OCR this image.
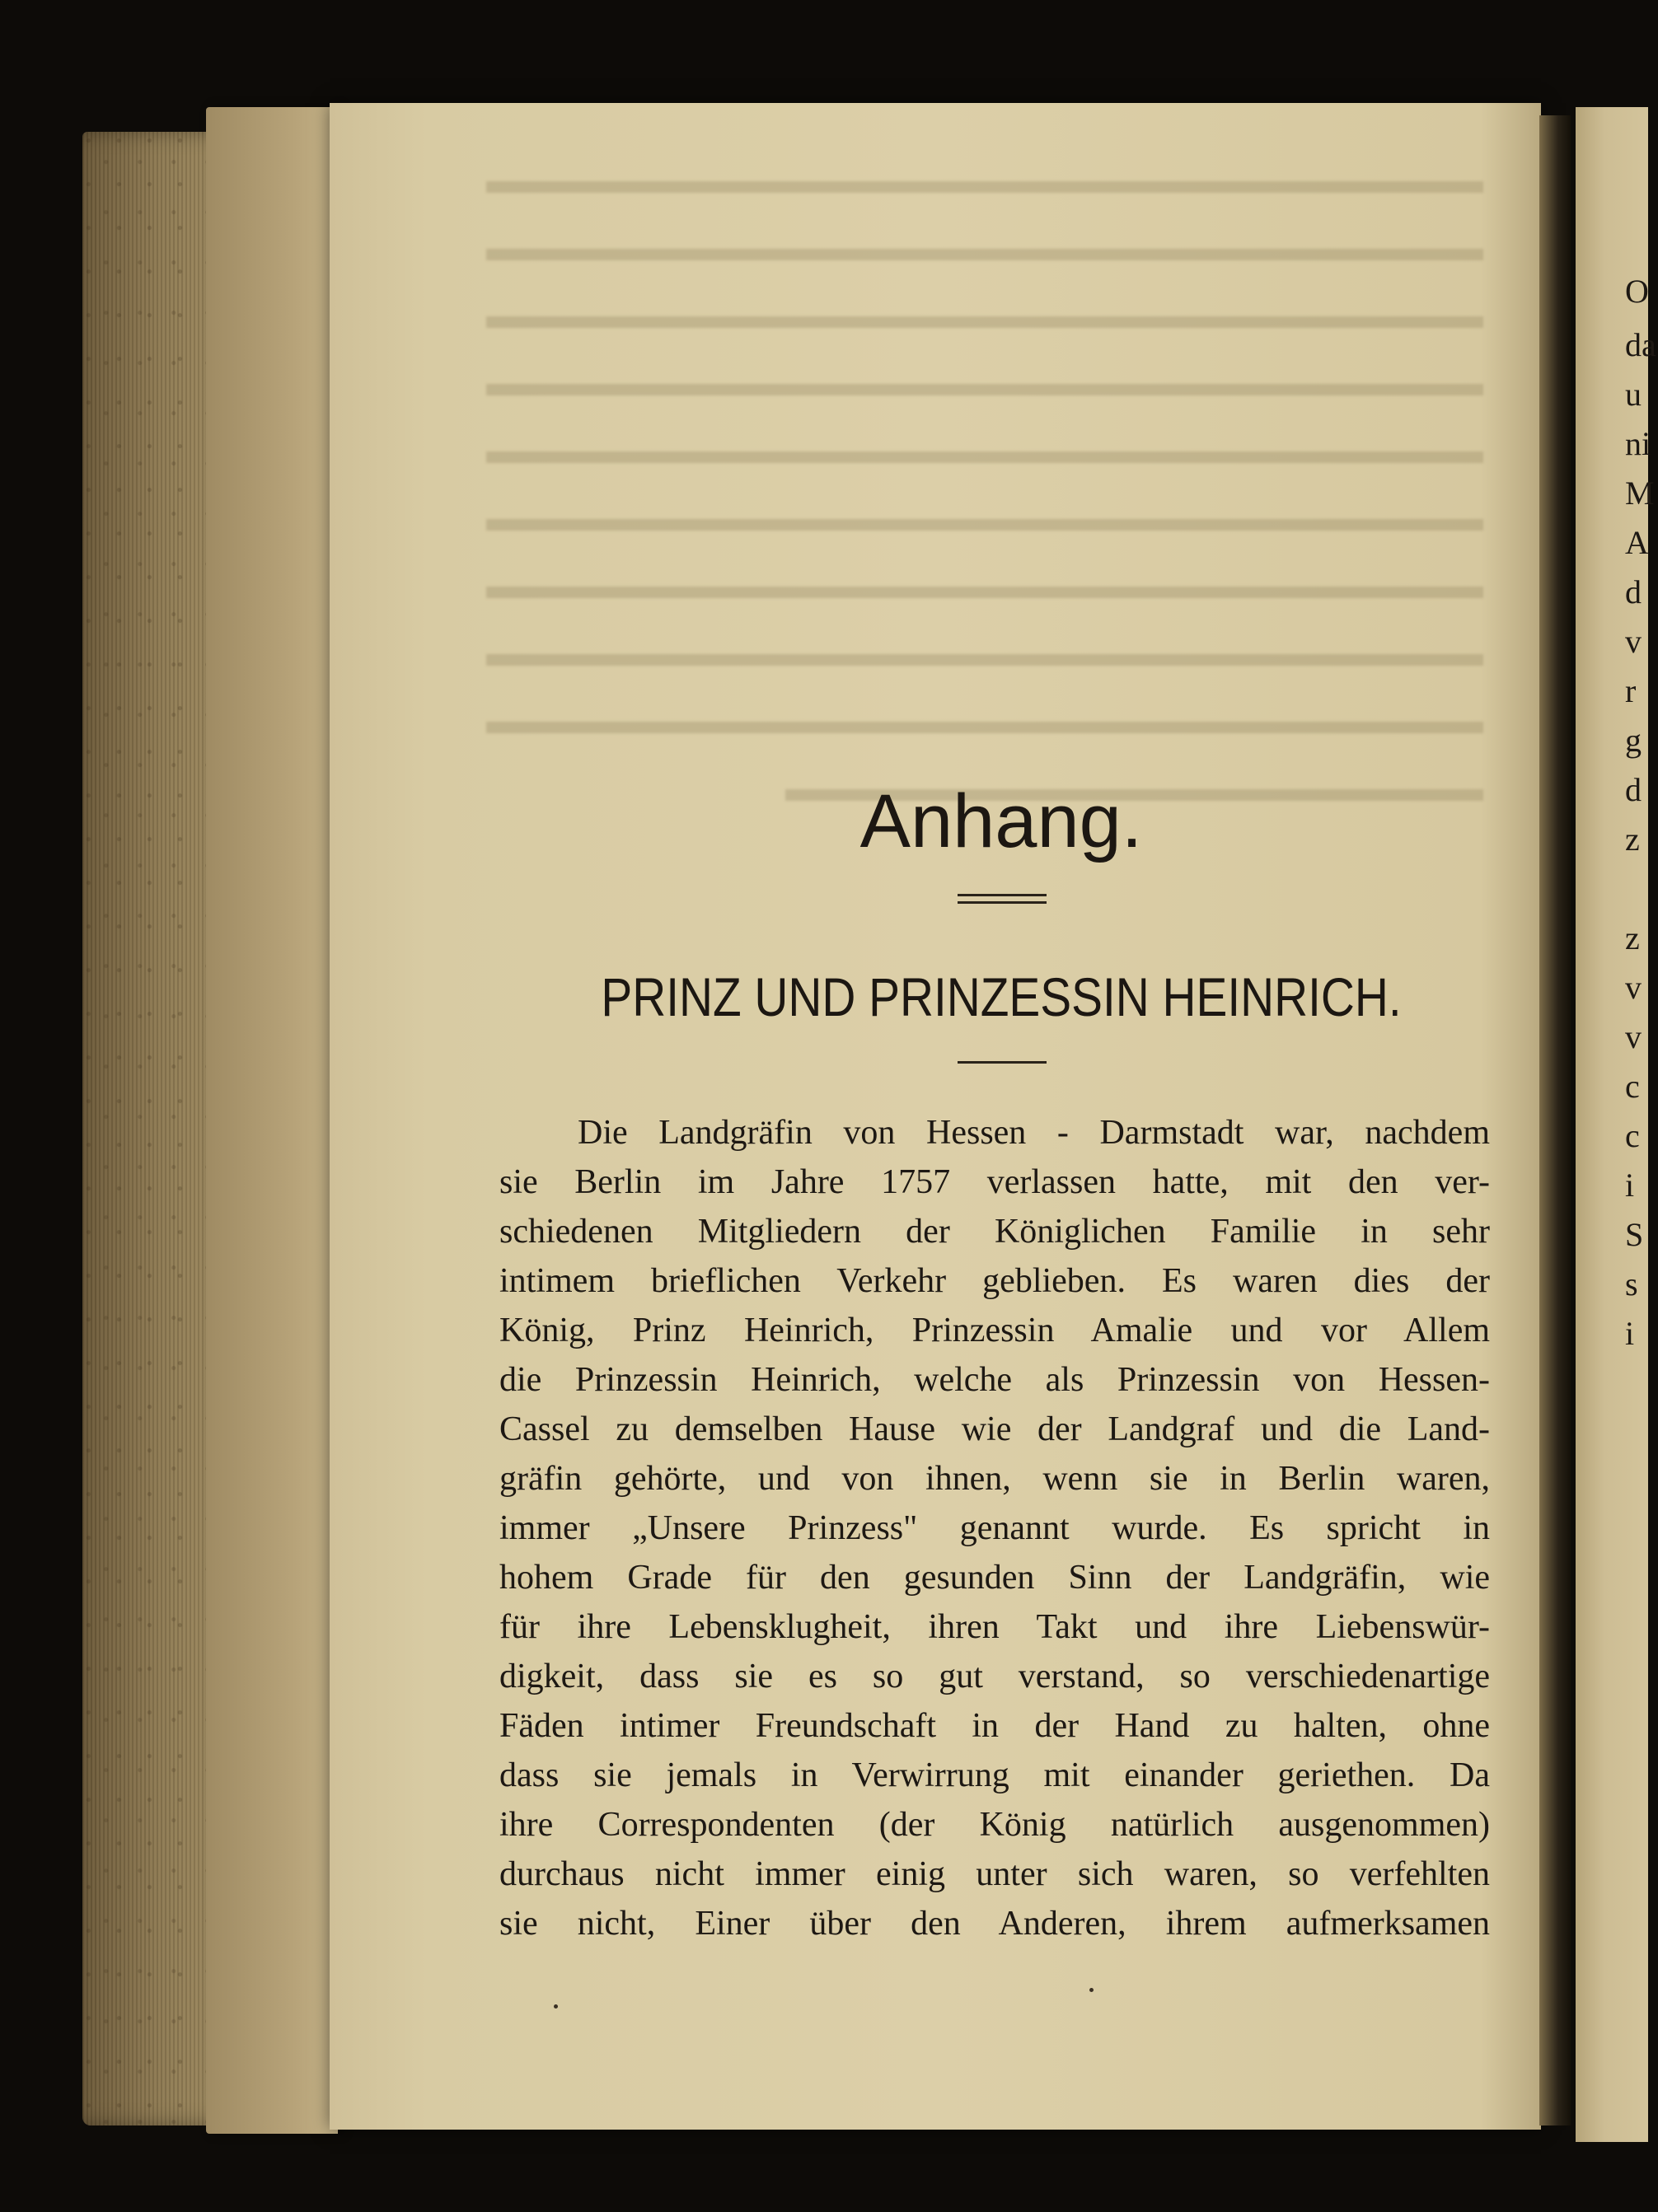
Anhang.
PRINZ UND PRINZESSIN HEINRICH.
Die Landgräfin von Hessen - Darmstadt war, nachdem
sie Berlin im Jahre 1757 verlassen hatte, mit den ver-
schiedenen Mitgliedern der Königlichen Familie in sehr
intimem brieflichen Verkehr geblieben. Es waren dies der
König, Prinz Heinrich, Prinzessin Amalie und vor Allem
die Prinzessin Heinrich, welche als Prinzessin von Hessen-
Cassel zu demselben Hause wie der Landgraf und die Land-
gräfin gehörte, und von ihnen, wenn sie in Berlin waren,
immer „Unsere Prinzess" genannt wurde. Es spricht in
hohem Grade für den gesunden Sinn der Landgräfin, wie
für ihre Lebensklugheit, ihren Takt und ihre Liebenswür-
digkeit, dass sie es so gut verstand, so verschiedenartige
Fäden intimer Freundschaft in der Hand zu halten, ohne
dass sie jemals in Verwirrung mit einander geriethen. Da
ihre Correspondenten (der König natürlich ausgenommen)
durchaus nicht immer einig unter sich waren, so verfehlten
sie nicht, Einer über den Anderen, ihrem aufmerksamen
O
da
u
ni
M
A
d
v
r
g
d
z
z
v
v
c
c
i
S
s
i
